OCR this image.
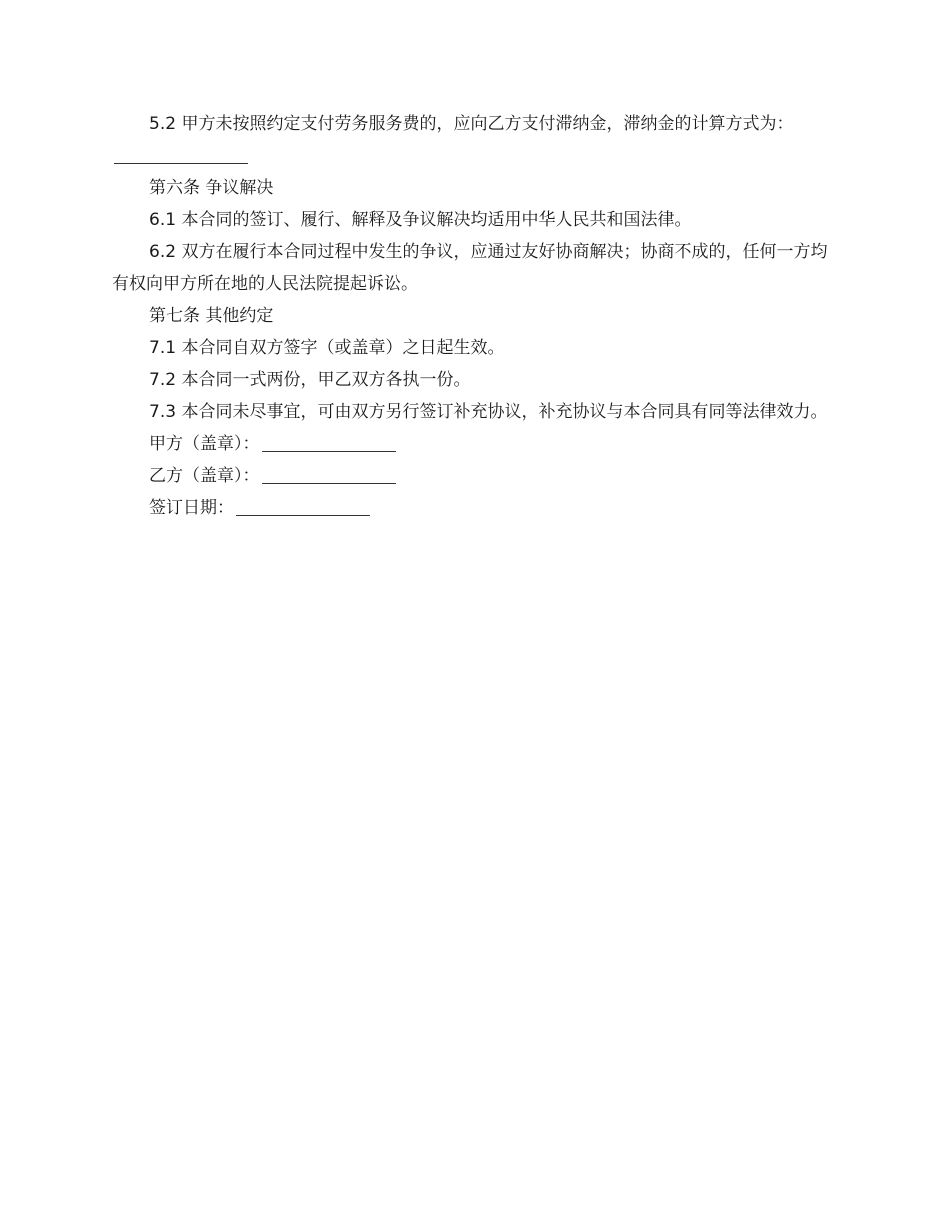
5.2 甲方未按照约定支付劳务服务费的，应向乙方支付滞纳金，滞纳金的计算方式为：

第六条 争议解决

6.1 本合同的签订、履行、解释及争议解决均适用中华人民共和国法律。

6.2 双方在履行本合同过程中发生的争议，应通过友好协商解决；协商不成的，任何一方均有权向甲方所在地的人民法院提起诉讼。

第七条 其他约定

7.1 本合同自双方签字（或盖章）之日起生效。

7.2 本合同一式两份，甲乙双方各执一份。

7.3 本合同未尽事宜，可由双方另行签订补充协议，补充协议与本合同具有同等法律效力。

甲方（盖章）：

乙方（盖章）：

签订日期：
